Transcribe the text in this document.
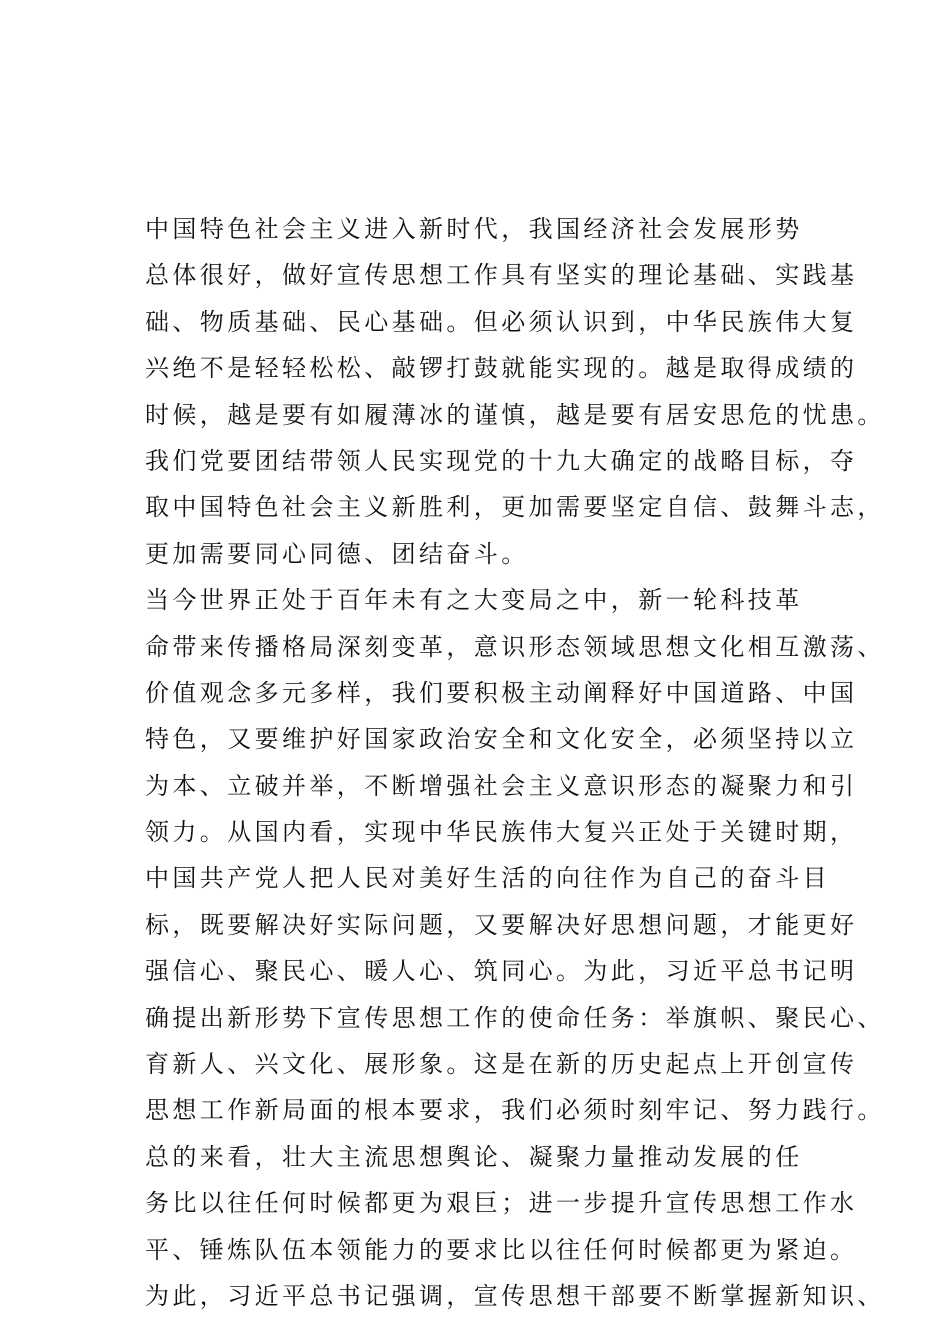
中国特色社会主义进入新时代，我国经济社会发展形势
总体很好，做好宣传思想工作具有坚实的理论基础、实践基
础、物质基础、民心基础。但必须认识到，中华民族伟大复
兴绝不是轻轻松松、敲锣打鼓就能实现的。越是取得成绩的
时候，越是要有如履薄冰的谨慎，越是要有居安思危的忧患。
我们党要团结带领人民实现党的十九大确定的战略目标，夺
取中国特色社会主义新胜利，更加需要坚定自信、鼓舞斗志，
更加需要同心同德、团结奋斗。
当今世界正处于百年未有之大变局之中，新一轮科技革
命带来传播格局深刻变革，意识形态领域思想文化相互激荡、
价值观念多元多样，我们要积极主动阐释好中国道路、中国
特色，又要维护好国家政治安全和文化安全，必须坚持以立
为本、立破并举，不断增强社会主义意识形态的凝聚力和引
领力。从国内看，实现中华民族伟大复兴正处于关键时期，
中国共产党人把人民对美好生活的向往作为自己的奋斗目
标，既要解决好实际问题，又要解决好思想问题，才能更好
强信心、聚民心、暖人心、筑同心。为此，习近平总书记明
确提出新形势下宣传思想工作的使命任务：举旗帜、聚民心、
育新人、兴文化、展形象。这是在新的历史起点上开创宣传
思想工作新局面的根本要求，我们必须时刻牢记、努力践行。
总的来看，壮大主流思想舆论、凝聚力量推动发展的任
务比以往任何时候都更为艰巨；进一步提升宣传思想工作水
平、锤炼队伍本领能力的要求比以往任何时候都更为紧迫。
为此，习近平总书记强调，宣传思想干部要不断掌握新知识、
